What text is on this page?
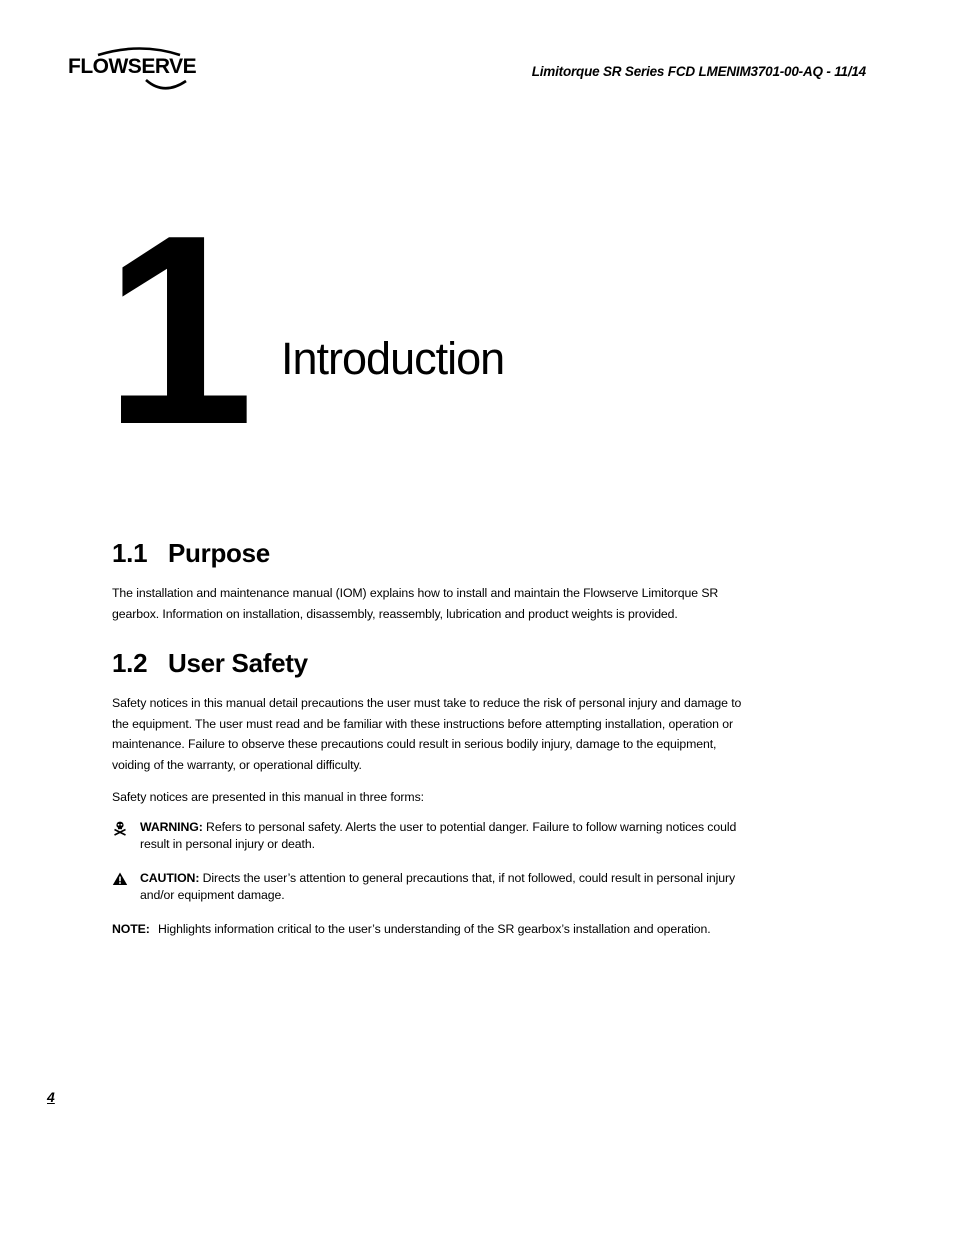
FLOWSERVE	Limitorque SR Series FCD LMENIM3701-00-AQ - 11/14
1 Introduction
1.1 Purpose

The installation and maintenance manual (IOM) explains how to install and maintain the Flowserve Limitorque SR gearbox. Information on installation, disassembly, reassembly, lubrication and product weights is provided.

1.2 User Safety

Safety notices in this manual detail precautions the user must take to reduce the risk of personal injury and damage to the equipment. The user must read and be familiar with these instructions before attempting installation, operation or maintenance. Failure to observe these precautions could result in serious bodily injury, damage to the equipment, voiding of the warranty, or operational difficulty.

Safety notices are presented in this manual in three forms:

WARNING: Refers to personal safety. Alerts the user to potential danger. Failure to follow warning notices could result in personal injury or death.
CAUTION: Directs the user’s attention to general precautions that, if not followed, could result in personal injury and/or equipment damage.
NOTE: Highlights information critical to the user’s understanding of the SR gearbox’s installation and operation.
4
